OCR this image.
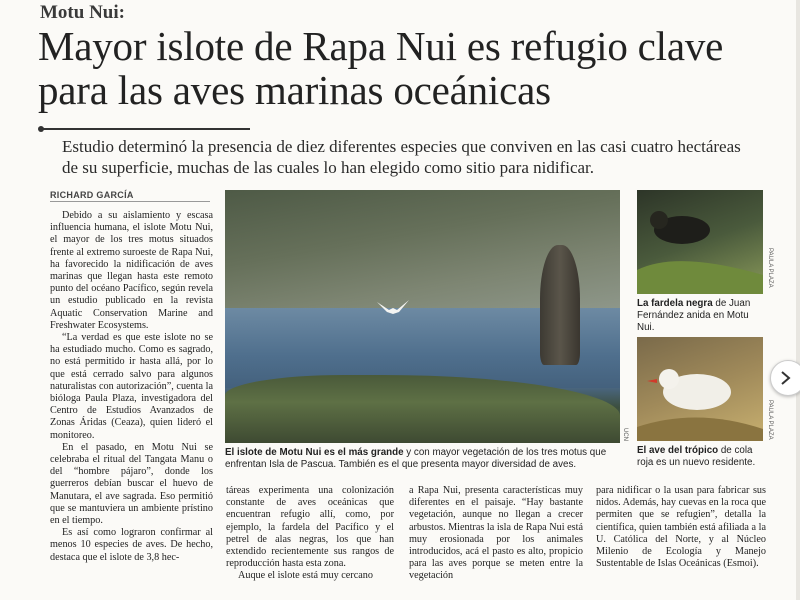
Motu Nui:
Mayor islote de Rapa Nui es refugio clave para las aves marinas oceánicas
Estudio determinó la presencia de diez diferentes especies que conviven en las casi cuatro hectáreas de su superficie, muchas de las cuales lo han elegido como sitio para nidificar.
RICHARD GARCÍA

Debido a su aislamiento y escasa influencia humana, el islote Motu Nui, el mayor de los tres motus situados frente al extremo suroeste de Rapa Nui, ha favorecido la nidificación de aves marinas que llegan hasta este remoto punto del océano Pacífico, según revela un estudio publicado en la revista Aquatic Conservation Marine and Freshwater Ecosystems.

“La verdad es que este islote no se ha estudiado mucho. Como es sagrado, no está permitido ir hasta allá, por lo que está cerrado salvo para algunos naturalistas con autorización”, cuenta la bióloga Paula Plaza, investigadora del Centro de Estudios Avanzados de Zonas Áridas (Ceaza), quien lideró el monitoreo.

En el pasado, en Motu Nui se celebraba el ritual del Tangata Manu o del “hombre pájaro”, donde los guerreros debían buscar el huevo de Manutara, el ave sagrada. Eso permitió que se mantuviera un ambiente prístino en el tiempo.

Es así como lograron confirmar al menos 10 especies de aves. De hecho, destaca que el islote de 3,8 hec-

UCN
PAULA PLAZA
La fardela negra de Juan Fernández anida en Motu Nui.
PAULA PLAZA
El islote de Motu Nui es el más grande y con mayor vegetación de los tres motus que enfrentan Isla de Pascua. También es el que presenta mayor diversidad de aves.
El ave del trópico de cola roja es un nuevo residente.

táreas experimenta una colonización constante de aves oceánicas que encuentran refugio allí, como, por ejemplo, la fardela del Pacífico y el petrel de alas negras, los que han extendido recientemente sus rangos de reproducción hasta esta zona.

Auque el islote está muy cercano

a Rapa Nui, presenta características muy diferentes en el paisaje. “Hay bastante vegetación, aunque no llegan a crecer arbustos. Mientras la isla de Rapa Nui está muy erosionada por los animales introducidos, acá el pasto es alto, propicio para las aves porque se meten entre la vegetación

para nidificar o la usan para fabricar sus nidos. Además, hay cuevas en la roca que permiten que se refugien”, detalla la científica, quien también está afiliada a la U. Católica del Norte, y al Núcleo Milenio de Ecología y Manejo Sustentable de Islas Oceánicas (Esmoi).
